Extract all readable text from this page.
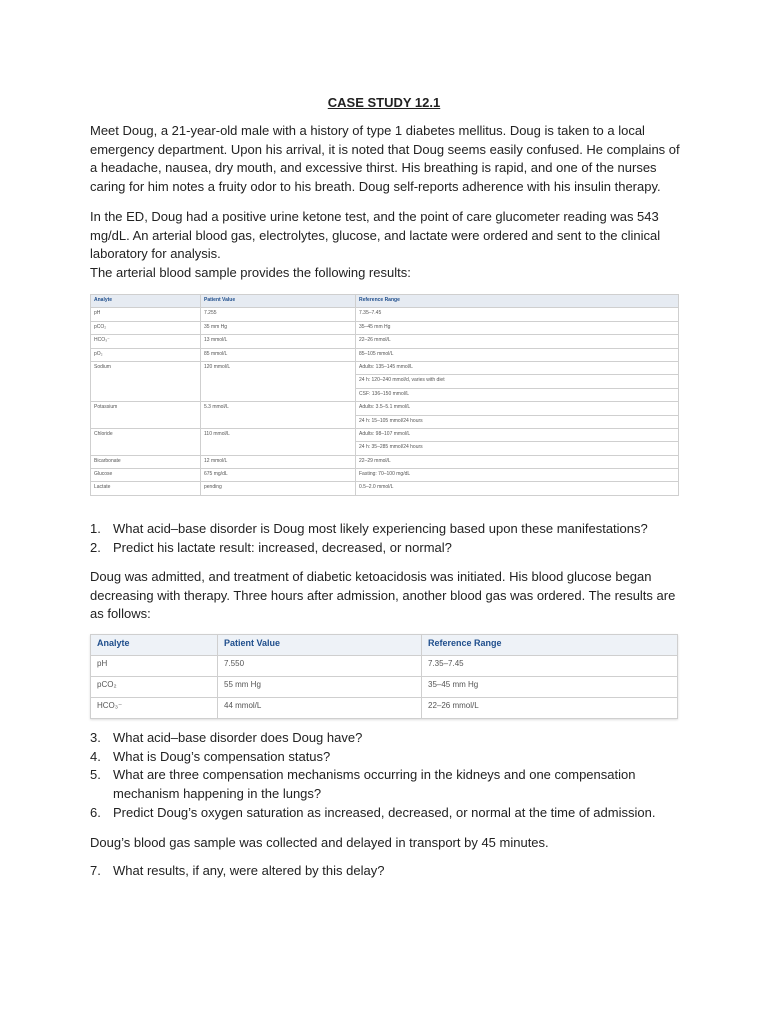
CASE STUDY 12.1

Meet Doug, a 21-year-old male with a history of type 1 diabetes mellitus. Doug is taken to a local emergency department. Upon his arrival, it is noted that Doug seems easily confused. He complains of a headache, nausea, dry mouth, and excessive thirst. His breathing is rapid, and one of the nurses caring for him notes a fruity odor to his breath. Doug self-reports adherence with his insulin therapy.

In the ED, Doug had a positive urine ketone test, and the point of care glucometer reading was 543 mg/dL. An arterial blood gas, electrolytes, glucose, and lactate were ordered and sent to the clinical laboratory for analysis.

The arterial blood sample provides the following results:

Analyte	Patient Value	Reference Range
pH	7.255	7.35–7.45
pCO₂	35 mm Hg	35–45 mm Hg
HCO₃⁻	13 mmol/L	22–26 mmol/L
pO₂	85 mmol/L	85–105 mmol/L
Sodium	120 mmol/L	Adults: 135–145 mmol/L
		24 h: 120–240 mmol/d, varies with diet
		CSF: 136–150 mmol/L
Potassium	5.3 mmol/L	Adults: 3.5–5.1 mmol/L
		24 h: 15–105 mmol/24 hours
Chloride	110 mmol/L	Adults: 98–107 mmol/L
		24 h: 35–285 mmol/24 hours
Bicarbonate	12 mmol/L	22–29 mmol/L
Glucose	675 mg/dL	Fasting: 70–100 mg/dL
Lactate	pending	0.5–2.0 mmol/L
1. What acid–base disorder is Doug most likely experiencing based upon these manifestations?
2. Predict his lactate result: increased, decreased, or normal?

Doug was admitted, and treatment of diabetic ketoacidosis was initiated. His blood glucose began decreasing with therapy. Three hours after admission, another blood gas was ordered. The results are as follows:

Analyte	Patient Value	Reference Range
pH	7.550	7.35–7.45
pCO₂	55 mm Hg	35–45 mm Hg
HCO₃⁻	44 mmol/L	22–26 mmol/L
3. What acid–base disorder does Doug have?
4. What is Doug’s compensation status?
5. What are three compensation mechanisms occurring in the kidneys and one compensation mechanism happening in the lungs?
6. Predict Doug’s oxygen saturation as increased, decreased, or normal at the time of admission.

Doug’s blood gas sample was collected and delayed in transport by 45 minutes.

7. What results, if any, were altered by this delay?
